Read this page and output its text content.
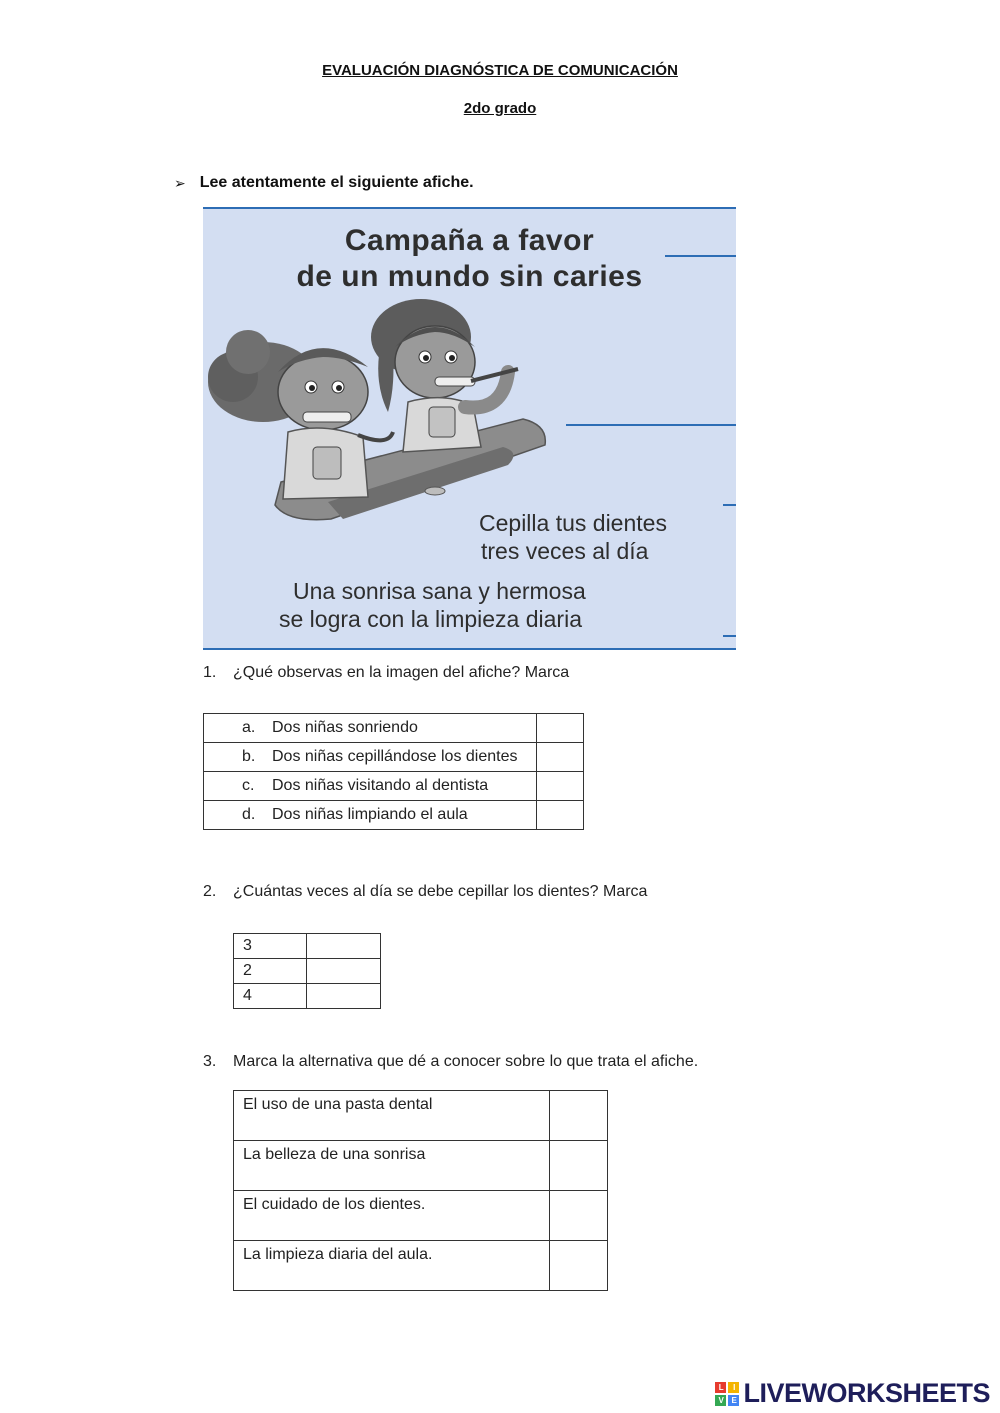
EVALUACIÓN DIAGNÓSTICA DE COMUNICACIÓN
2do grado
➢ Lee atentamente el siguiente afiche.
Campaña a favor
de un mundo sin caries
Cepilla tus dientes
tres veces al día
Una sonrisa sana y hermosa
se logra con la limpieza diaria
1. ¿Qué observas en la imagen del afiche? Marca
a. Dos niñas sonriendo	

b. Dos niñas cepillándose los dientes	

c. Dos niñas visitando al dentista	

d. Dos niñas limpiando el aula	

2. ¿Cuántas veces al día se debe cepillar los dientes? Marca
3	
2	
4	
3. Marca la alternativa que dé a conocer sobre lo que trata el afiche.
El uso de una pasta dental	
La belleza de una sonrisa	
El cuidado de los dientes.	
La limpieza diaria del aula.	
L	I
V	E LIVEWORKSHEETS
